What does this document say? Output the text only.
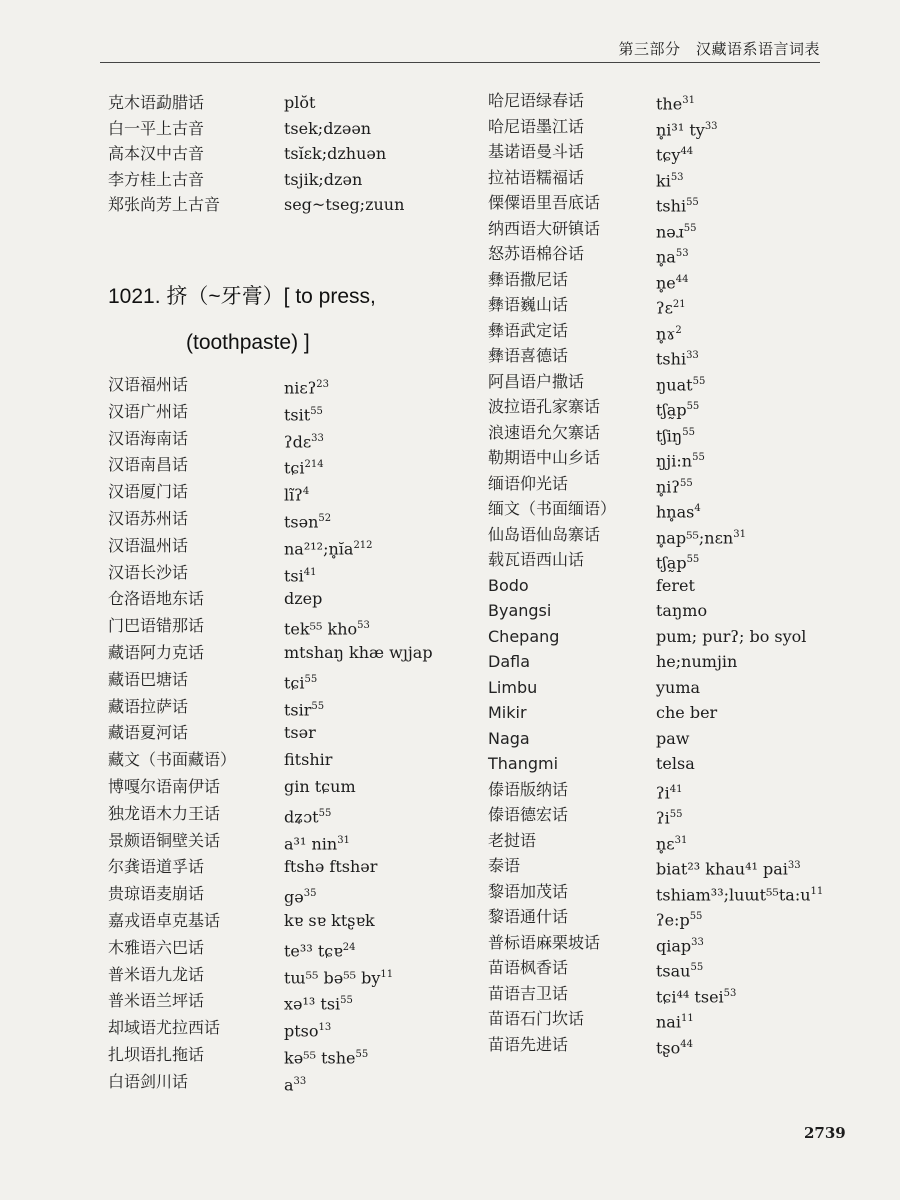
第三部分　汉藏语系语言词表
克木语勐腊话	plŏt
白一平上古音	tsek;dzəən
高本汉中古音	tsĭɛk;dzhuən
李方桂上古音	tsjik;dzən
郑张尚芳上古音	seg~tseg;zuun
汉语福州话	niɛʔ$^{23}$
汉语广州话	tsit$^{55}$
汉语海南话	ʔdɛ$^{33}$
汉语南昌话	tɕi$^{214}$
汉语厦门话	lĩʔ$^4$
汉语苏州话	tsən$^{52}$
汉语温州话	$na^{212};n̥ĭa^{212}$
汉语长沙话	tsi$^{41}$
仓洛语地东话	dzep
门巴语错那话	tek⁵⁵ kho$^{53}$
藏语阿力克话	mtshaŋ khæ wȷjap
藏语巴塘话	tɕi$^{55}$
藏语拉萨话	tsir$^{55}$
藏语夏河话	tsər
藏文（书面藏语）	fitshir
博嘎尔语南伊话	gin tɕum
独龙语木力王话	dʑɔt$^{55}$
景颇语铜壁关话	a³¹ nin$^{31}$
尔龚语道孚话	ftshə ftshər
贵琼语麦崩话	gə$^{35}$
嘉戎语卓克基话	kɐ sɐ ktʂɐk
木雅语六巴话	te³³ tɕɐ$^{24}$
普米语九龙话	tɯ⁵⁵ bə⁵⁵ $by^{11}$
普米语兰坪话	xə¹³ tsi$^{55}$
却域语尤拉西话	ptso$^{13}$
扎坝语扎拖话	kə⁵⁵ tshe$^{55}$
白语剑川话	$a^{33}$
哈尼语绿春话	the$^{31}$
哈尼语墨江话	n̥i³¹ $ty^{33}$
基诺语曼斗话	tɕy$^{44}$
拉祜语糯福话	$ki^{53}$
傈僳语里吾底话	tshi$^{55}$
纳西语大研镇话	nəɹ$^{55}$
怒苏语棉谷话	$n̥a^{53}$
彝语撒尼话	$n̥e^{44}$
彝语巍山话	ʔɛ$^{21}$
彝语武定话	n̥ɤ$^2$
彝语喜德话	tshi$^{33}$
阿昌语户撒话	ŋuat$^{55}$
波拉语孔家寨话	$tʃa̰p^{55}$
浪速语允欠寨话	tʃiŋ$^{55}$
勒期语中山乡话	$ŋji:n^{55}$
缅语仰光话	n̥iʔ$^{55}$
缅文（书面缅语） $hn̥as^4$
仙岛语仙岛寨话	n̥ap⁵⁵;nɛn$^{31}$
载瓦语西山话	$tʃa̰p^{55}$
Bodo	feret
Byangsi	taŋmo
Chepang	pum; purʔ; bo syol
Dafla	he;numjin
Limbu	yuma
Mikir	che ber
Naga	paw
Thangmi	telsa
傣语版纳话	ʔi$^{41}$
傣语德宏话	ʔi$^{55}$
老挝语	n̥ɛ$^{31}$
泰语	biat²³ khau⁴¹ pai$^{33}$
黎语加茂话	$tshiam^{33};luɯt^{55}ta:u^{11}$
黎语通什话	$ʔe:p^{55}$
普标语麻栗坡话	qiap$^{33}$
苗语枫香话	tsau$^{55}$
苗语吉卫话	tɕi⁴⁴ tsei$^{53}$
苗语石门坎话	nai$^{11}$
苗语先进话	tʂo$^{44}$
1021. 挤（~牙膏）[ to press,
(toothpaste) ]
2739
